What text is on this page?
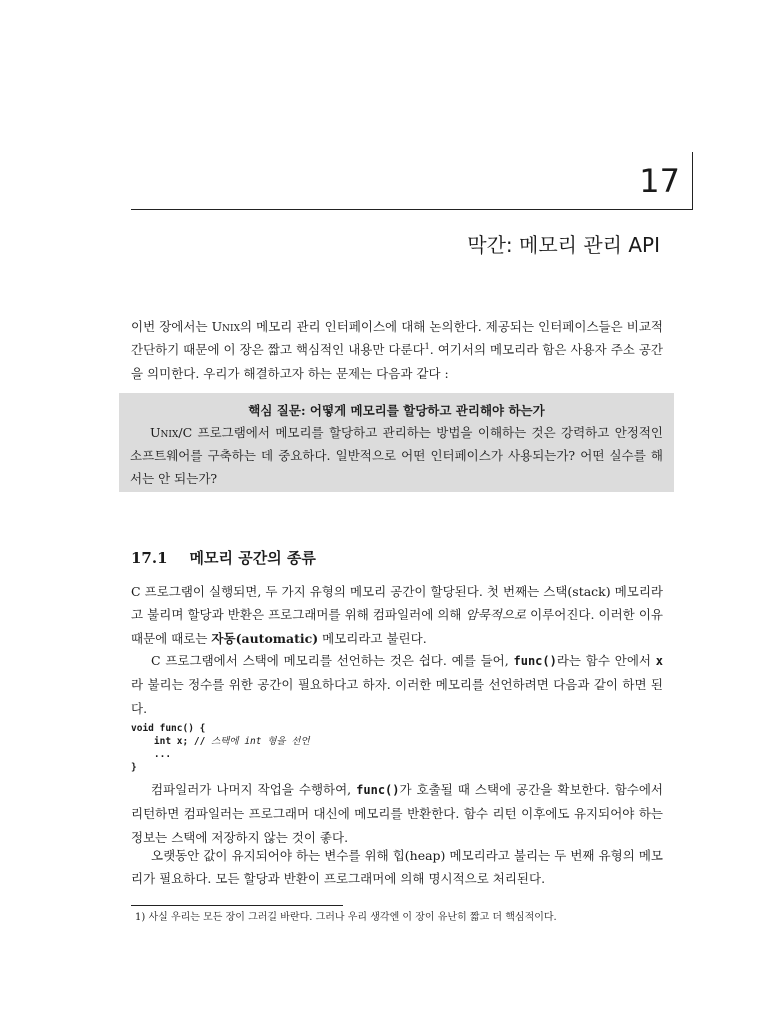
17
막간: 메모리 관리 API

이번 장에서는 Unix의 메모리 관리 인터페이스에 대해 논의한다. 제공되는 인터페이스들은 비교적 간단하기 때문에 이 장은 짧고 핵심적인 내용만 다룬다$^1$. 여기서의 메모리라 함은 사용자 주소 공간을 의미한다. 우리가 해결하고자 하는 문제는 다음과 같다 :

핵심 질문: 어떻게 메모리를 할당하고 관리해야 하는가

Unix/C 프로그램에서 메모리를 할당하고 관리하는 방법을 이해하는 것은 강력하고 안정적인 소프트웨어를 구축하는 데 중요하다. 일반적으로 어떤 인터페이스가 사용되는가? 어떤 실수를 해서는 안 되는가?

17.1 메모리 공간의 종류

C 프로그램이 실행되면, 두 가지 유형의 메모리 공간이 할당된다. 첫 번째는 스택(stack) 메모리라고 불리며 할당과 반환은 프로그래머를 위해 컴파일러에 의해 암묵적으로 이루어진다. 이러한 이유 때문에 때로는 자동(automatic) 메모리라고 불린다.

C 프로그램에서 스택에 메모리를 선언하는 것은 쉽다. 예를 들어, func()라는 함수 안에서 x라 불리는 정수를 위한 공간이 필요하다고 하자. 이러한 메모리를 선언하려면 다음과 같이 하면 된다.

void func() {
int x; // 스택에 int 형을 선언
...
}

컴파일러가 나머지 작업을 수행하여, func()가 호출될 때 스택에 공간을 확보한다. 함수에서 리턴하면 컴파일러는 프로그래머 대신에 메모리를 반환한다. 함수 리턴 이후에도 유지되어야 하는 정보는 스택에 저장하지 않는 것이 좋다.

오랫동안 값이 유지되어야 하는 변수를 위해 힙(heap) 메모리라고 불리는 두 번째 유형의 메모리가 필요하다. 모든 할당과 반환이 프로그래머에 의해 명시적으로 처리된다.

1) 사실 우리는 모든 장이 그러길 바란다. 그러나 우리 생각엔 이 장이 유난히 짧고 더 핵심적이다.
